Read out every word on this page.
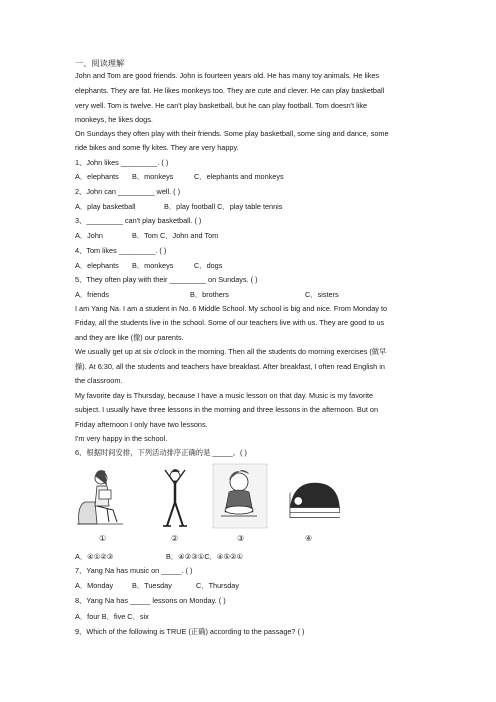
一、阅读理解
John and Tom are good friends. John is fourteen years old. He has many toy animals. He likes
elephants. They are fat. He likes monkeys too. They are cute and clever. He can play basketball
very well. Tom is twelve. He can't play basketball, but he can play football. Tom doesn't like
monkeys, he likes dogs.
On Sundays they often play with their friends. Some play basketball, some sing and dance, some
ride bikes and some fly kites. They are very happy.
1、John likes _________. ( )
A．elephants B．monkeys	C．elephants and monkeys
2、John can _________ well. ( )
A．play basketball	B．play football C．play table tennis
3、_________ can't play basketball. ( )
A．John	B．Tom C．John and Tom
4、Tom likes _________. ( )
A．elephants B．monkeys	C．dogs
5、They often play with their _________ on Sundays. ( )
A．friends	B．brothers	C．sisters
I am Yang Na. I am a student in No. 6 Middle School. My school is big and nice. From Monday to
Friday, all the students live in the school. Some of our teachers live with us. They are good to us
and they are like (像) our parents.
We usually get up at six o'clock in the morning. Then all the students do morning exercises (做早
操). At 6:30, all the students and teachers have breakfast. After breakfast, I often read English in
the classroom.
My favorite day is Thursday, because I have a music lesson on that day. Music is my favorite
subject. I usually have three lessons in the morning and three lessons in the afternoon. But on
Friday afternoon I only have two lessons.
I'm very happy in the school.
6、根据时间安排，下列活动排序正确的是 _____。( )
①	②	③	④
A．④①②③	B．④②③①C．④⑤②①
7、Yang Na has music on _____. ( )
A．Monday	B．Tuesday	C．Thursday
8、Yang Na has _____ lessons on Monday. ( )
A．four B．five C．six
9、Which of the following is TRUE (正确) according to the passage? ( )
